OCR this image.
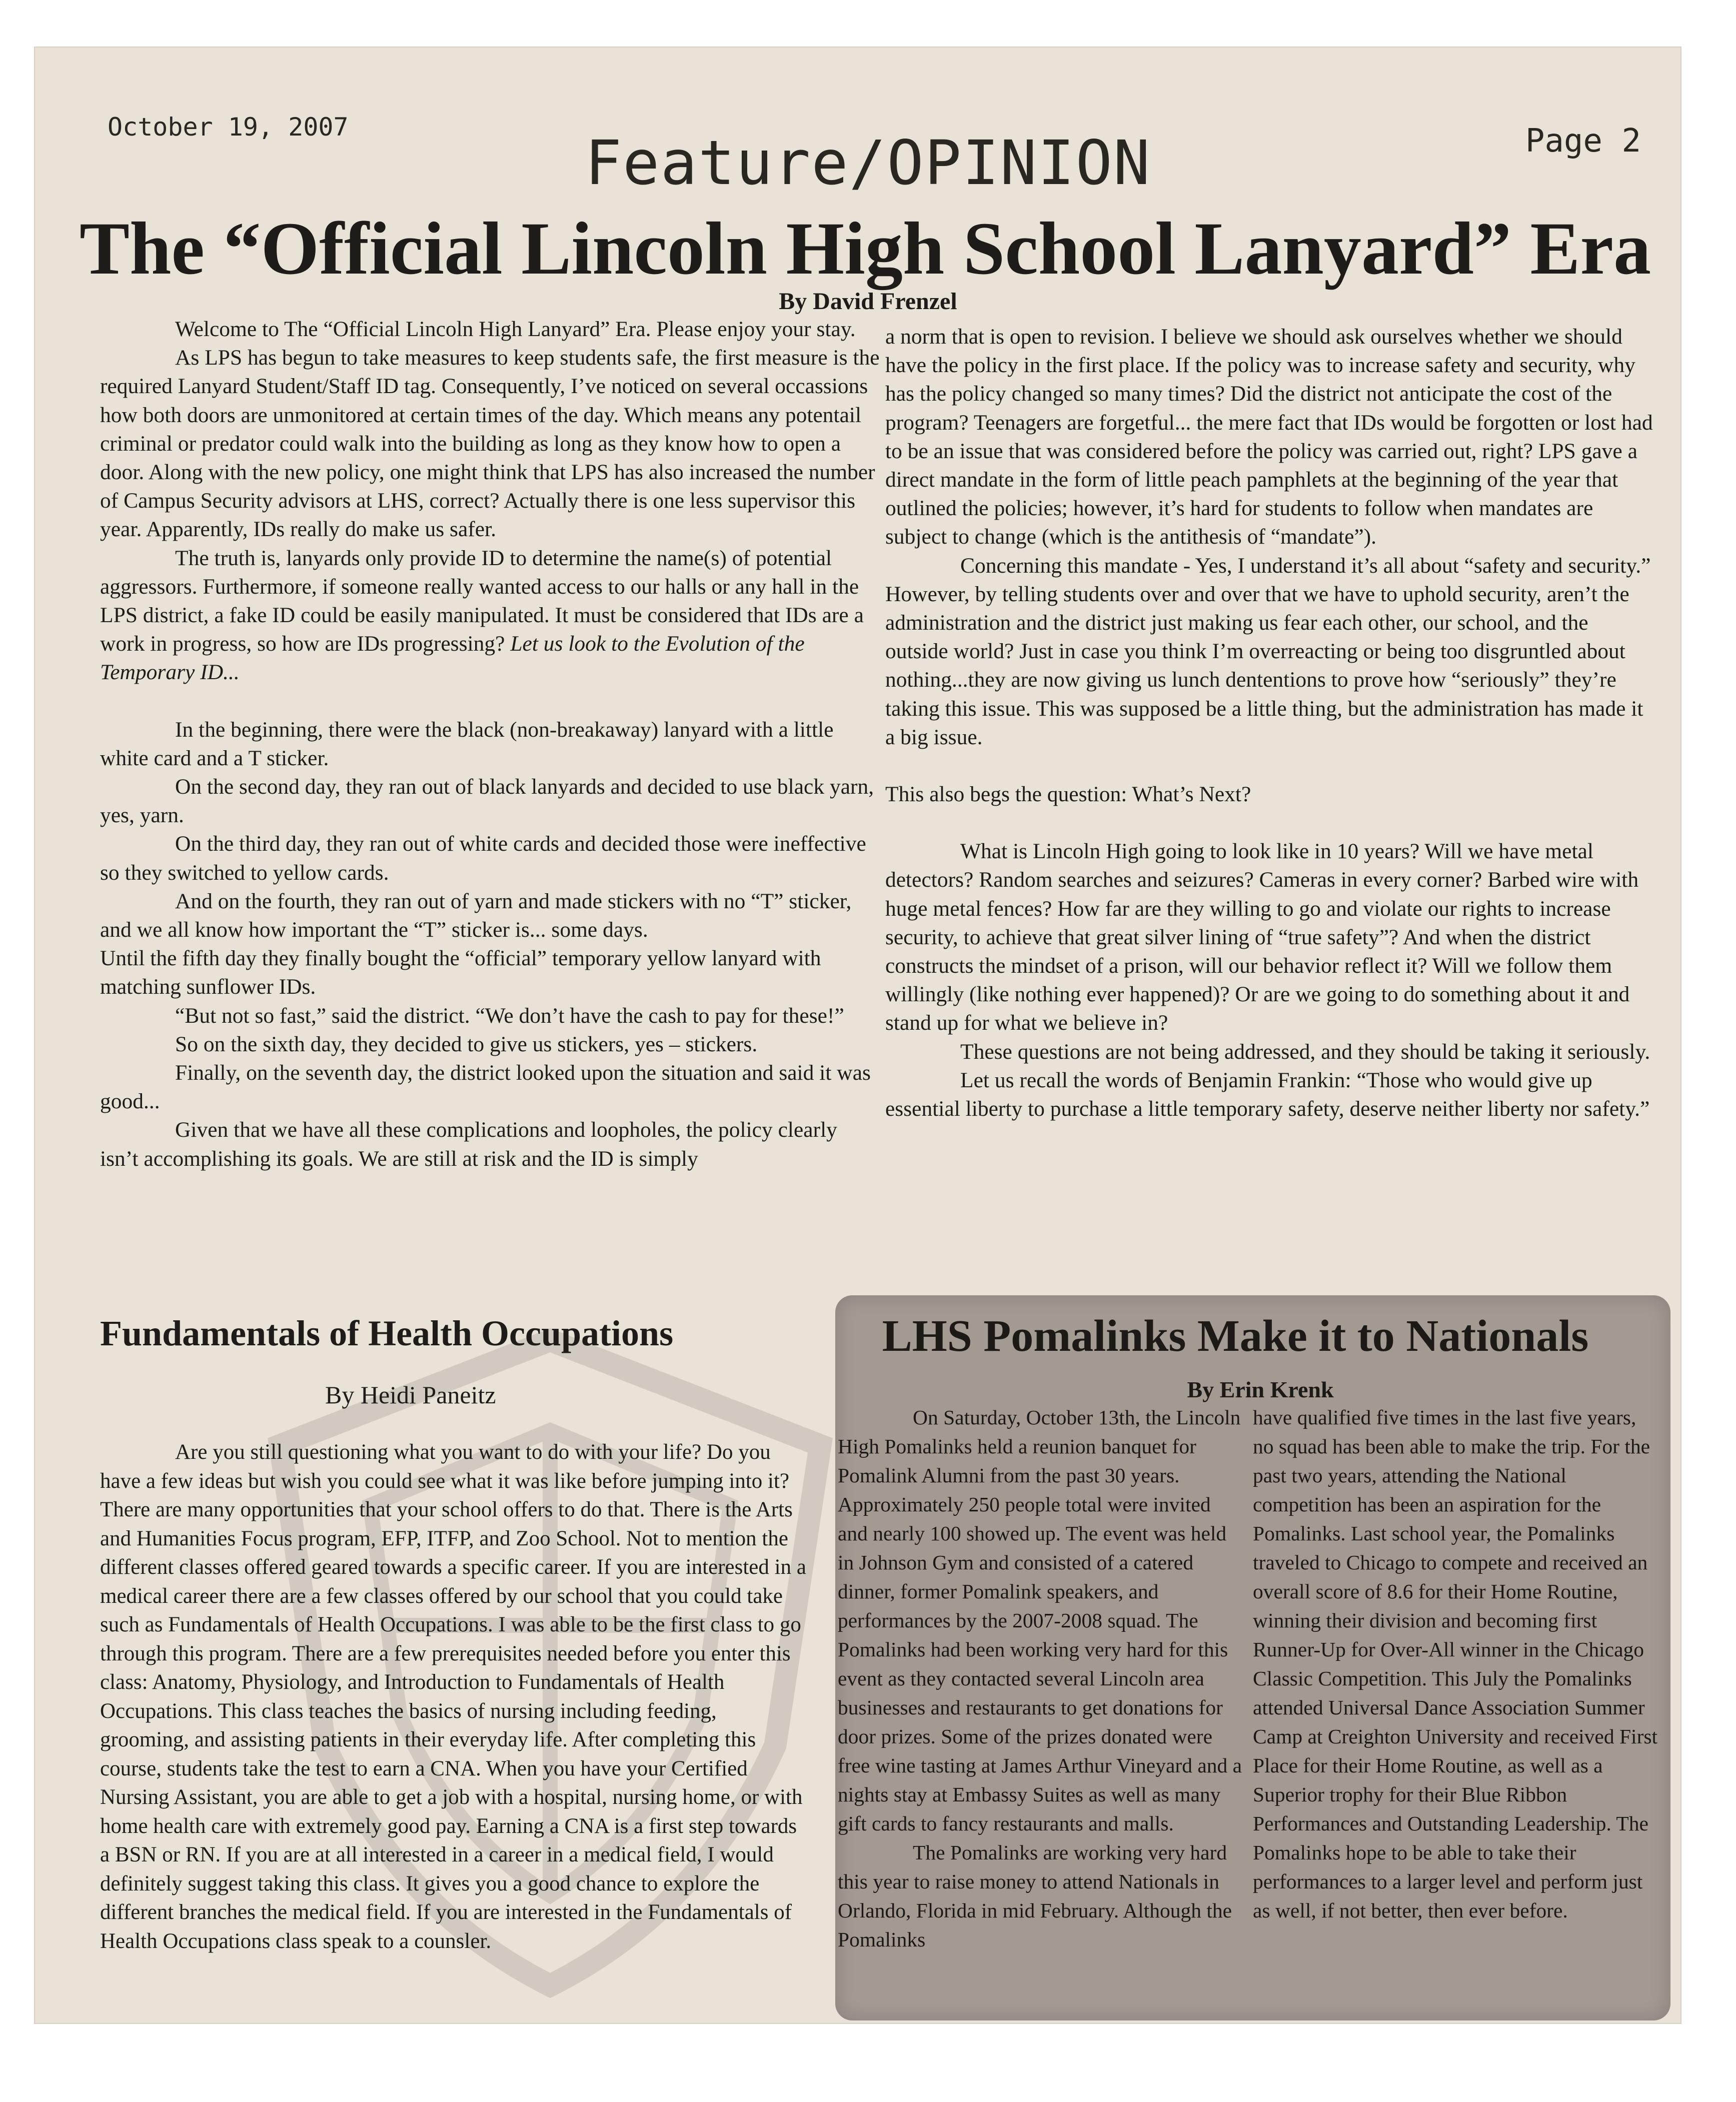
October 19, 2007
Feature/OPINION	Page 2
The “Official Lincoln High School Lanyard” Era
By David Frenzel

Welcome to The “Official Lincoln High Lanyard” Era. Please enjoy your stay.

As LPS has begun to take measures to keep students safe, the first measure is the required Lanyard Student/Staff ID tag. Consequently, I’ve noticed on several occassions how both doors are unmonitored at certain times of the day. Which means any potentail criminal or predator could walk into the building as long as they know how to open a door. Along with the new policy, one might think that LPS has also increased the number of Campus Security advisors at LHS, correct? Actually there is one less supervisor this year. Apparently, IDs really do make us safer.

The truth is, lanyards only provide ID to determine the name(s) of potential aggressors. Furthermore, if someone really wanted access to our halls or any hall in the LPS district, a fake ID could be easily manipulated. It must be considered that IDs are a work in progress, so how are IDs progressing? Let us look to the Evolution of the Temporary ID...

In the beginning, there were the black (non-breakaway) lanyard with a little white card and a T sticker.

On the second day, they ran out of black lanyards and decided to use black yarn, yes, yarn.

On the third day, they ran out of white cards and decided those were ineffective so they switched to yellow cards.

And on the fourth, they ran out of yarn and made stickers with no “T” sticker, and we all know how important the “T” sticker is... some days.

Until the fifth day they finally bought the “official” temporary yellow lanyard with matching sunflower IDs.

“But not so fast,” said the district. “We don’t have the cash to pay for these!”

So on the sixth day, they decided to give us stickers, yes – stickers.

Finally, on the seventh day, the district looked upon the situation and said it was good...

Given that we have all these complications and loopholes, the policy clearly isn’t accomplishing its goals. We are still at risk and the ID is simply

a norm that is open to revision. I believe we should ask ourselves whether we should have the policy in the first place. If the policy was to increase safety and security, why has the policy changed so many times? Did the district not anticipate the cost of the program? Teenagers are forgetful... the mere fact that IDs would be forgotten or lost had to be an issue that was considered before the policy was carried out, right? LPS gave a direct mandate in the form of little peach pamphlets at the beginning of the year that outlined the policies; however, it’s hard for students to follow when mandates are subject to change (which is the antithesis of “mandate”).

Concerning this mandate - Yes, I understand it’s all about “safety and security.” However, by telling students over and over that we have to uphold security, aren’t the administration and the district just making us fear each other, our school, and the outside world? Just in case you think I’m overreacting or being too disgruntled about nothing...they are now giving us lunch dententions to prove how “seriously” they’re taking this issue. This was supposed be a little thing, but the administration has made it a big issue.

This also begs the question: What’s Next?

What is Lincoln High going to look like in 10 years? Will we have metal detectors? Random searches and seizures? Cameras in every corner? Barbed wire with huge metal fences? How far are they willing to go and violate our rights to increase security, to achieve that great silver lining of “true safety”? And when the district constructs the mindset of a prison, will our behavior reflect it? Will we follow them willingly (like nothing ever happened)? Or are we going to do something about it and stand up for what we believe in?

These questions are not being addressed, and they should be taking it seriously.

Let us recall the words of Benjamin Frankin: “Those who would give up essential liberty to purchase a little temporary safety, deserve neither liberty nor safety.”

Fundamentals of Health Occupations
By Heidi Paneitz

Are you still questioning what you want to do with your life? Do you have a few ideas but wish you could see what it was like before jumping into it? There are many opportunities that your school offers to do that. There is the Arts and Humanities Focus program, EFP, ITFP, and Zoo School. Not to mention the different classes offered geared towards a specific career. If you are interested in a medical career there are a few classes offered by our school that you could take such as Fundamentals of Health Occupations. I was able to be the first class to go through this program. There are a few prerequisites needed before you enter this class: Anatomy, Physiology, and Introduction to Fundamentals of Health Occupations. This class teaches the basics of nursing including feeding, grooming, and assisting patients in their everyday life. After completing this course, students take the test to earn a CNA. When you have your Certified Nursing Assistant, you are able to get a job with a hospital, nursing home, or with home health care with extremely good pay. Earning a CNA is a first step towards a BSN or RN. If you are at all interested in a career in a medical field, I would definitely suggest taking this class. It gives you a good chance to explore the different branches the medical field. If you are interested in the Fundamentals of Health Occupations class speak to a counsler.

LHS Pomalinks Make it to Nationals
By Erin Krenk

On Saturday, October 13th, the Lincoln High Pomalinks held a reunion banquet for Pomalink Alumni from the past 30 years. Approximately 250 people total were invited and nearly 100 showed up. The event was held in Johnson Gym and consisted of a catered dinner, former Pomalink speakers, and performances by the 2007-2008 squad. The Pomalinks had been working very hard for this event as they contacted several Lincoln area businesses and restaurants to get donations for door prizes. Some of the prizes donated were free wine tasting at James Arthur Vineyard and a nights stay at Embassy Suites as well as many gift cards to fancy restaurants and malls.

The Pomalinks are working very hard this year to raise money to attend Nationals in Orlando, Florida in mid February. Although the Pomalinks

have qualified five times in the last five years, no squad has been able to make the trip. For the past two years, attending the National competition has been an aspiration for the Pomalinks. Last school year, the Pomalinks traveled to Chicago to compete and received an overall score of 8.6 for their Home Routine, winning their division and becoming first Runner-Up for Over-All winner in the Chicago Classic Competition. This July the Pomalinks attended Universal Dance Association Summer Camp at Creighton University and received First Place for their Home Routine, as well as a Superior trophy for their Blue Ribbon Performances and Outstanding Leadership. The Pomalinks hope to be able to take their performances to a larger level and perform just as well, if not better, then ever before.
